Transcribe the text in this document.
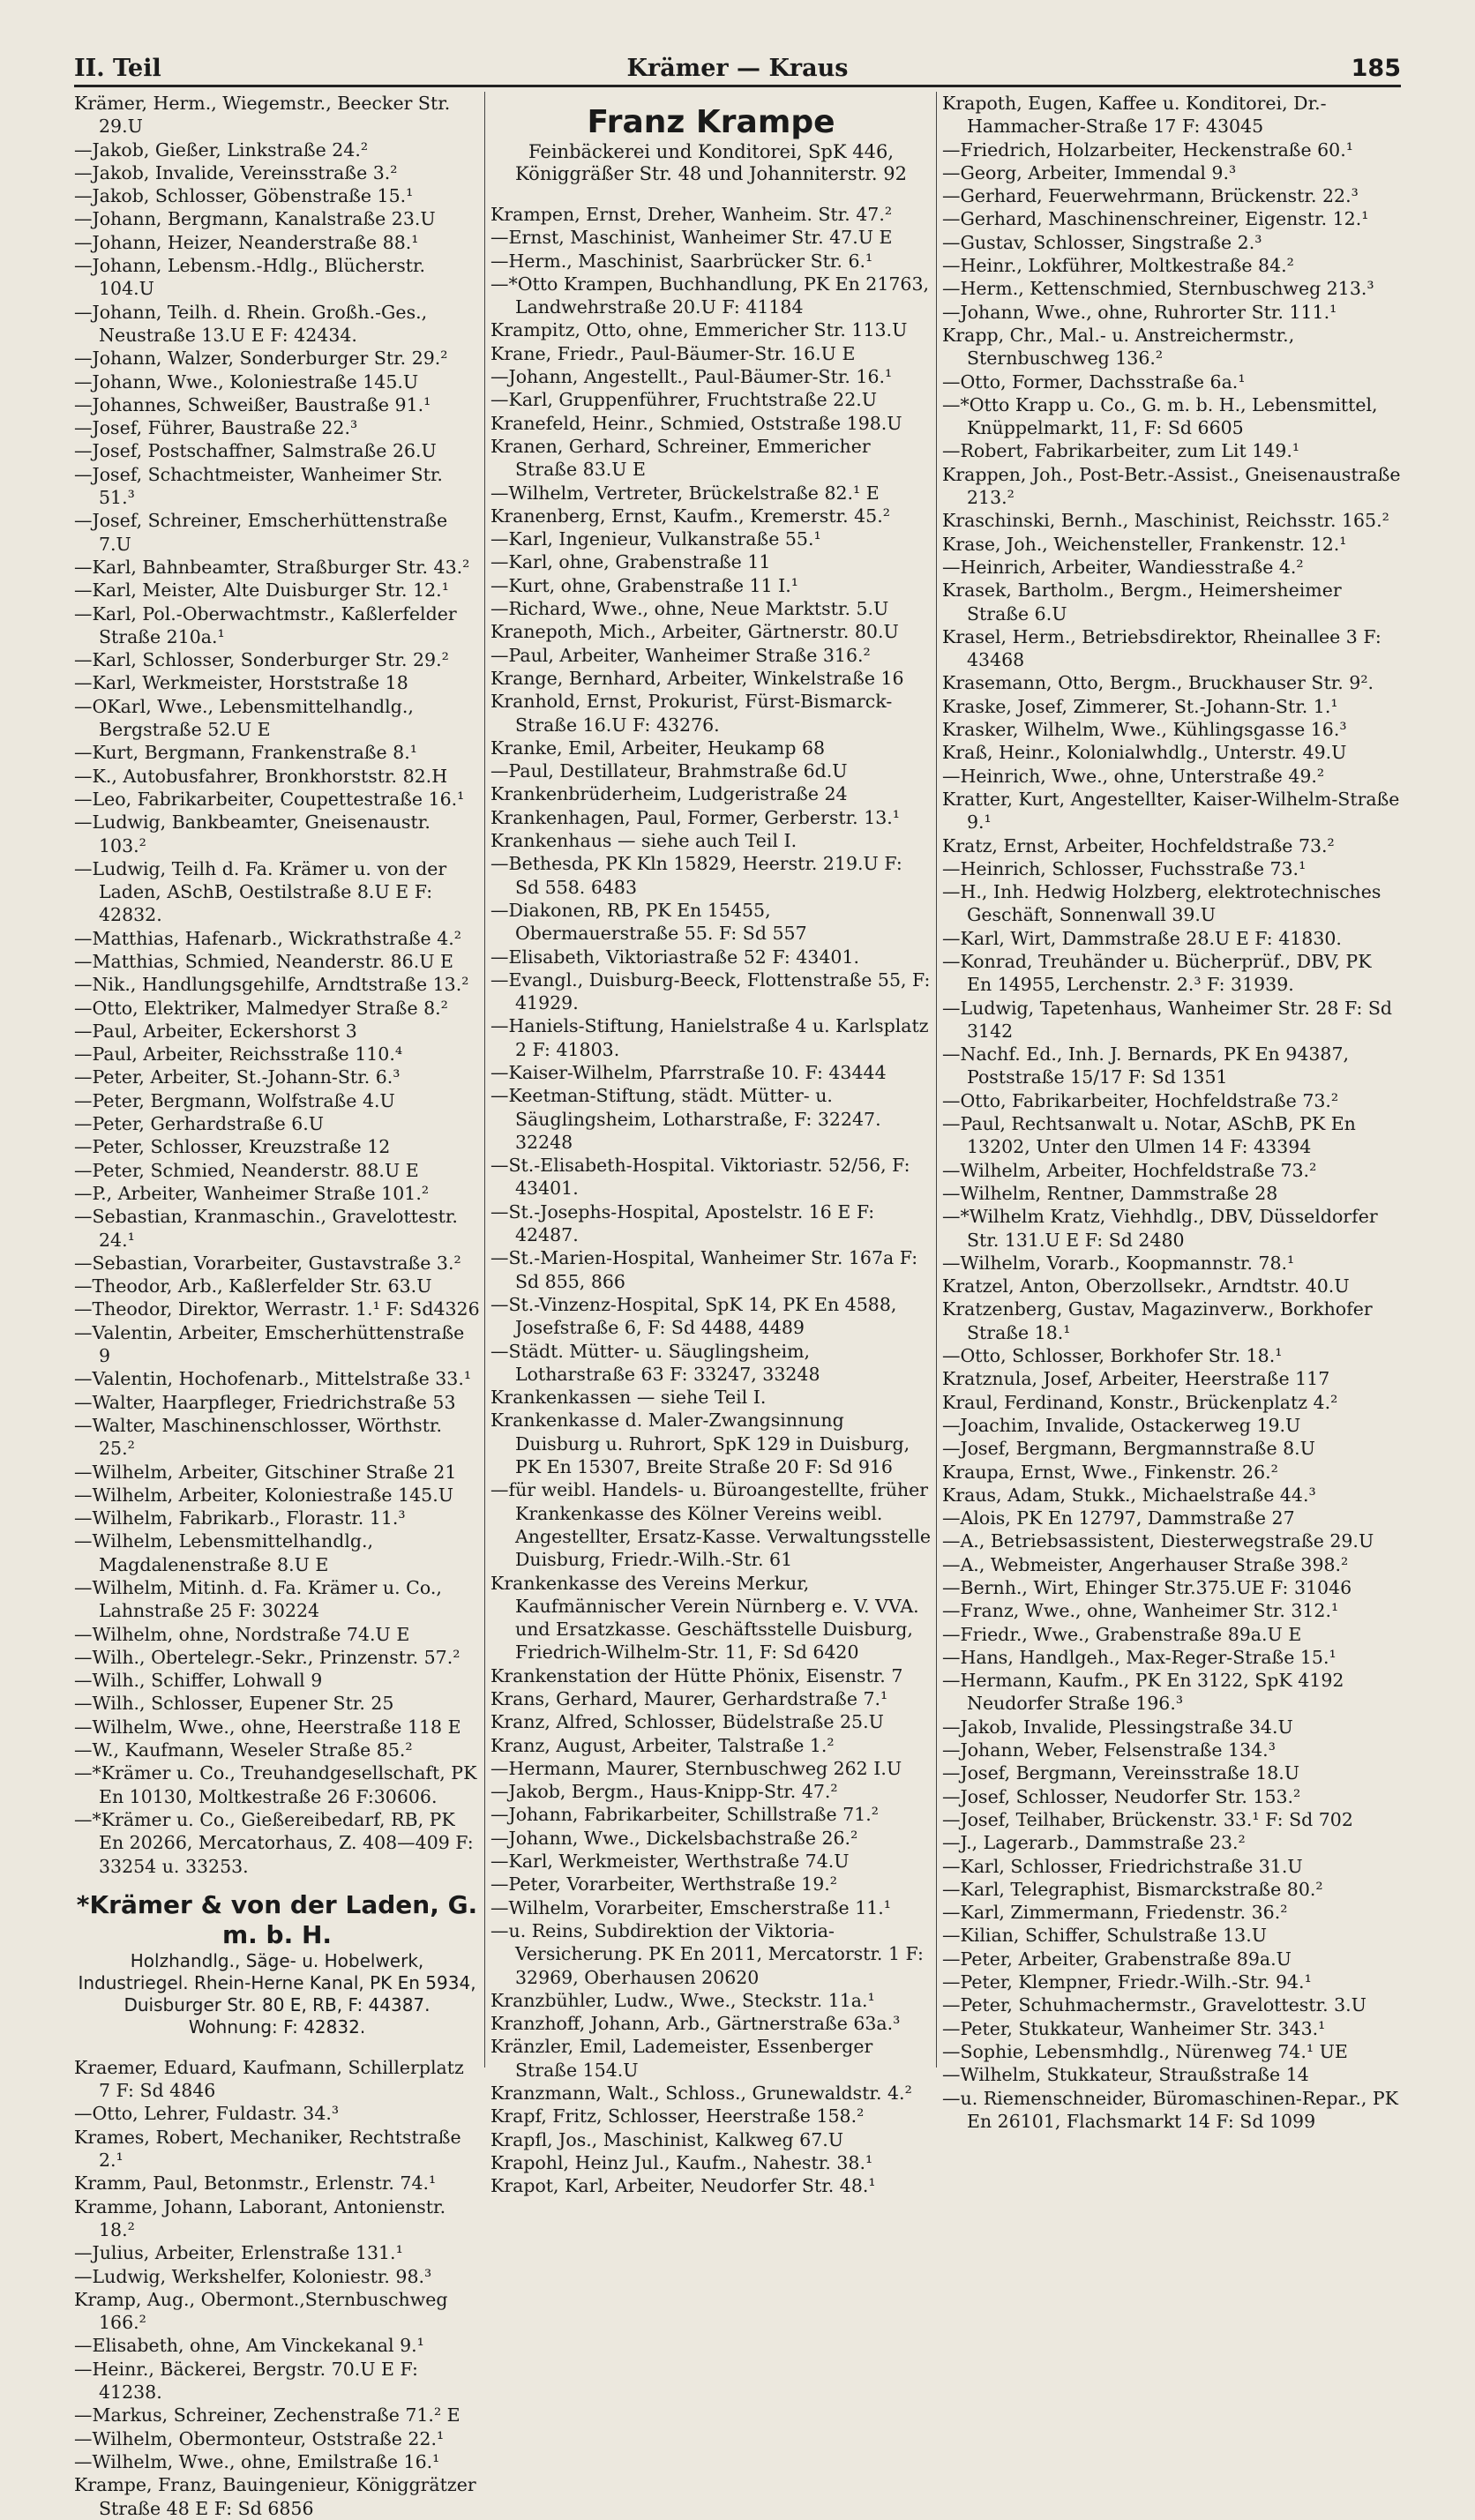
II. Teil	Krämer — Kraus	185
Krämer, Herm., Wiegemstr., Beecker Str. 29.U
—Jakob, Gießer, Linkstraße 24.²
—Jakob, Invalide, Vereinsstraße 3.²
—Jakob, Schlosser, Göbenstraße 15.¹
—Johann, Bergmann, Kanalstraße 23.U
—Johann, Heizer, Neanderstraße 88.¹
—Johann, Lebensm.-Hdlg., Blücherstr. 104.U
—Johann, Teilh. d. Rhein. Großh.-Ges., Neustraße 13.U E F: 42434.
—Johann, Walzer, Sonderburger Str. 29.²
—Johann, Wwe., Koloniestraße 145.U
—Johannes, Schweißer, Baustraße 91.¹
—Josef, Führer, Baustraße 22.³
—Josef, Postschaffner, Salmstraße 26.U
—Josef, Schachtmeister, Wanheimer Str. 51.³
—Josef, Schreiner, Emscherhüttenstraße 7.U
—Karl, Bahnbeamter, Straßburger Str. 43.²
—Karl, Meister, Alte Duisburger Str. 12.¹
—Karl, Pol.-Oberwachtmstr., Kaßlerfelder Straße 210a.¹
—Karl, Schlosser, Sonderburger Str. 29.²
—Karl, Werkmeister, Horststraße 18
—OKarl, Wwe., Lebensmittelhandlg., Bergstraße 52.U E
—Kurt, Bergmann, Frankenstraße 8.¹
—K., Autobusfahrer, Bronkhorststr. 82.H
—Leo, Fabrikarbeiter, Coupettestraße 16.¹
—Ludwig, Bankbeamter, Gneisenaustr. 103.²
—Ludwig, Teilh d. Fa. Krämer u. von der Laden, ASchB, Oestilstraße 8.U E F: 42832.
—Matthias, Hafenarb., Wickrathstraße 4.²
—Matthias, Schmied, Neanderstr. 86.U E
—Nik., Handlungsgehilfe, Arndtstraße 13.²
—Otto, Elektriker, Malmedyer Straße 8.²
—Paul, Arbeiter, Eckershorst 3
—Paul, Arbeiter, Reichsstraße 110.⁴
—Peter, Arbeiter, St.-Johann-Str. 6.³
—Peter, Bergmann, Wolfstraße 4.U
—Peter, Gerhardstraße 6.U
—Peter, Schlosser, Kreuzstraße 12
—Peter, Schmied, Neanderstr. 88.U E
—P., Arbeiter, Wanheimer Straße 101.²
—Sebastian, Kranmaschin., Gravelottestr. 24.¹
—Sebastian, Vorarbeiter, Gustavstraße 3.²
—Theodor, Arb., Kaßlerfelder Str. 63.U
—Theodor, Direktor, Werrastr. 1.¹ F: Sd4326
—Valentin, Arbeiter, Emscherhüttenstraße 9
—Valentin, Hochofenarb., Mittelstraße 33.¹
—Walter, Haarpfleger, Friedrichstraße 53
—Walter, Maschinenschlosser, Wörthstr. 25.²
—Wilhelm, Arbeiter, Gitschiner Straße 21
—Wilhelm, Arbeiter, Koloniestraße 145.U
—Wilhelm, Fabrikarb., Florastr. 11.³
—Wilhelm, Lebensmittelhandlg., Magdalenenstraße 8.U E
—Wilhelm, Mitinh. d. Fa. Krämer u. Co., Lahnstraße 25 F: 30224
—Wilhelm, ohne, Nordstraße 74.U E
—Wilh., Obertelegr.-Sekr., Prinzenstr. 57.²
—Wilh., Schiffer, Lohwall 9
—Wilh., Schlosser, Eupener Str. 25
—Wilhelm, Wwe., ohne, Heerstraße 118 E
—W., Kaufmann, Weseler Straße 85.²
—*Krämer u. Co., Treuhandgesellschaft, PK En 10130, Moltkestraße 26 F:30606.
—*Krämer u. Co., Gießereibedarf, RB, PK En 20266, Mercatorhaus, Z. 408—409 F: 33254 u. 33253.
*Krämer & von der Laden, G. m. b. H.
Holzhandlg., Säge- u. Hobelwerk, Industriegel. Rhein-Herne Kanal, PK En 5934,
Duisburger Str. 80 E, RB, F: 44387.
Wohnung: F: 42832.
Kraemer, Eduard, Kaufmann, Schillerplatz 7 F: Sd 4846
—Otto, Lehrer, Fuldastr. 34.³
Krames, Robert, Mechaniker, Rechtstraße 2.¹
Kramm, Paul, Betonmstr., Erlenstr. 74.¹
Kramme, Johann, Laborant, Antonienstr. 18.²
—Julius, Arbeiter, Erlenstraße 131.¹
—Ludwig, Werkshelfer, Koloniestr. 98.³
Kramp, Aug., Obermont.,Sternbuschweg 166.²
—Elisabeth, ohne, Am Vinckekanal 9.¹
—Heinr., Bäckerei, Bergstr. 70.U E F: 41238.
—Markus, Schreiner, Zechenstraße 71.² E
—Wilhelm, Obermonteur, Oststraße 22.¹
—Wilhelm, Wwe., ohne, Emilstraße 16.¹
Krampe, Franz, Bauingenieur, Königgrätzer Straße 48 E F: Sd 6856
Franz Krampe
Feinbäckerei und Konditorei, SpK 446,
Königgräßer Str. 48 und Johanniterstr. 92
Krampen, Ernst, Dreher, Wanheim. Str. 47.²
—Ernst, Maschinist, Wanheimer Str. 47.U E
—Herm., Maschinist, Saarbrücker Str. 6.¹
—*Otto Krampen, Buchhandlung, PK En 21763, Landwehrstraße 20.U F: 41184
Krampitz, Otto, ohne, Emmericher Str. 113.U
Krane, Friedr., Paul-Bäumer-Str. 16.U E
—Johann, Angestellt., Paul-Bäumer-Str. 16.¹
—Karl, Gruppenführer, Fruchtstraße 22.U
Kranefeld, Heinr., Schmied, Oststraße 198.U
Kranen, Gerhard, Schreiner, Emmericher Straße 83.U E
—Wilhelm, Vertreter, Brückelstraße 82.¹ E
Kranenberg, Ernst, Kaufm., Kremerstr. 45.²
—Karl, Ingenieur, Vulkanstraße 55.¹
—Karl, ohne, Grabenstraße 11
—Kurt, ohne, Grabenstraße 11 I.¹
—Richard, Wwe., ohne, Neue Marktstr. 5.U
Kranepoth, Mich., Arbeiter, Gärtnerstr. 80.U
—Paul, Arbeiter, Wanheimer Straße 316.²
Krange, Bernhard, Arbeiter, Winkelstraße 16
Kranhold, Ernst, Prokurist, Fürst-Bismarck-Straße 16.U F: 43276.
Kranke, Emil, Arbeiter, Heukamp 68
—Paul, Destillateur, Brahmstraße 6d.U
Krankenbrüderheim, Ludgeristraße 24
Krankenhagen, Paul, Former, Gerberstr. 13.¹
Krankenhaus — siehe auch Teil I.
—Bethesda, PK Kln 15829, Heerstr. 219.U F: Sd 558. 6483
—Diakonen, RB, PK En 15455, Obermauerstraße 55. F: Sd 557
—Elisabeth, Viktoriastraße 52 F: 43401.
—Evangl., Duisburg-Beeck, Flottenstraße 55, F: 41929.
—Haniels-Stiftung, Hanielstraße 4 u. Karlsplatz 2 F: 41803.
—Kaiser-Wilhelm, Pfarrstraße 10. F: 43444
—Keetman-Stiftung, städt. Mütter- u. Säuglingsheim, Lotharstraße, F: 32247. 32248
—St.-Elisabeth-Hospital. Viktoriastr. 52/56, F: 43401.
—St.-Josephs-Hospital, Apostelstr. 16 E F: 42487.
—St.-Marien-Hospital, Wanheimer Str. 167a F: Sd 855, 866
—St.-Vinzenz-Hospital, SpK 14, PK En 4588, Josefstraße 6, F: Sd 4488, 4489
—Städt. Mütter- u. Säuglingsheim, Lotharstraße 63 F: 33247, 33248
Krankenkassen — siehe Teil I.
Krankenkasse d. Maler-Zwangsinnung Duisburg u. Ruhrort, SpK 129 in Duisburg, PK En 15307, Breite Straße 20 F: Sd 916
—für weibl. Handels- u. Büroangestellte, früher Krankenkasse des Kölner Vereins weibl. Angestellter, Ersatz-Kasse. Verwaltungsstelle Duisburg, Friedr.-Wilh.-Str. 61
Krankenkasse des Vereins Merkur, Kaufmännischer Verein Nürnberg e. V. VVA. und Ersatzkasse. Geschäftsstelle Duisburg, Friedrich-Wilhelm-Str. 11, F: Sd 6420
Krankenstation der Hütte Phönix, Eisenstr. 7
Krans, Gerhard, Maurer, Gerhardstraße 7.¹
Kranz, Alfred, Schlosser, Büdelstraße 25.U
Kranz, August, Arbeiter, Talstraße 1.²
—Hermann, Maurer, Sternbuschweg 262 I.U
—Jakob, Bergm., Haus-Knipp-Str. 47.²
—Johann, Fabrikarbeiter, Schillstraße 71.²
—Johann, Wwe., Dickelsbachstraße 26.²
—Karl, Werkmeister, Werthstraße 74.U
—Peter, Vorarbeiter, Werthstraße 19.²
—Wilhelm, Vorarbeiter, Emscherstraße 11.¹
—u. Reins, Subdirektion der Viktoria-Versicherung. PK En 2011, Mercatorstr. 1 F: 32969, Oberhausen 20620
Kranzbühler, Ludw., Wwe., Steckstr. 11a.¹
Kranzhoff, Johann, Arb., Gärtnerstraße 63a.³
Kränzler, Emil, Lademeister, Essenberger Straße 154.U
Kranzmann, Walt., Schloss., Grunewaldstr. 4.²
Krapf, Fritz, Schlosser, Heerstraße 158.²
Krapfl, Jos., Maschinist, Kalkweg 67.U
Krapohl, Heinz Jul., Kaufm., Nahestr. 38.¹
Krapot, Karl, Arbeiter, Neudorfer Str. 48.¹
Krapoth, Eugen, Kaffee u. Konditorei, Dr.-Hammacher-Straße 17 F: 43045
—Friedrich, Holzarbeiter, Heckenstraße 60.¹
—Georg, Arbeiter, Immendal 9.³
—Gerhard, Feuerwehrmann, Brückenstr. 22.³
—Gerhard, Maschinenschreiner, Eigenstr. 12.¹
—Gustav, Schlosser, Singstraße 2.³
—Heinr., Lokführer, Moltkestraße 84.²
—Herm., Kettenschmied, Sternbuschweg 213.³
—Johann, Wwe., ohne, Ruhrorter Str. 111.¹
Krapp, Chr., Mal.- u. Anstreichermstr., Sternbuschweg 136.²
—Otto, Former, Dachsstraße 6a.¹
—*Otto Krapp u. Co., G. m. b. H., Lebensmittel, Knüppelmarkt, 11, F: Sd 6605
—Robert, Fabrikarbeiter, zum Lit 149.¹
Krappen, Joh., Post-Betr.-Assist., Gneisenaustraße 213.²
Kraschinski, Bernh., Maschinist, Reichsstr. 165.²
Krase, Joh., Weichensteller, Frankenstr. 12.¹
—Heinrich, Arbeiter, Wandiesstraße 4.²
Krasek, Bartholm., Bergm., Heimersheimer Straße 6.U
Krasel, Herm., Betriebsdirektor, Rheinallee 3 F: 43468
Krasemann, Otto, Bergm., Bruckhauser Str. 9².
Kraske, Josef, Zimmerer, St.-Johann-Str. 1.¹
Krasker, Wilhelm, Wwe., Kühlingsgasse 16.³
Kraß, Heinr., Kolonialwhdlg., Unterstr. 49.U
—Heinrich, Wwe., ohne, Unterstraße 49.²
Kratter, Kurt, Angestellter, Kaiser-Wilhelm-Straße 9.¹
Kratz, Ernst, Arbeiter, Hochfeldstraße 73.²
—Heinrich, Schlosser, Fuchsstraße 73.¹
—H., Inh. Hedwig Holzberg, elektrotechnisches Geschäft, Sonnenwall 39.U
—Karl, Wirt, Dammstraße 28.U E F: 41830.
—Konrad, Treuhänder u. Bücherprüf., DBV, PK En 14955, Lerchenstr. 2.³ F: 31939.
—Ludwig, Tapetenhaus, Wanheimer Str. 28 F: Sd 3142
—Nachf. Ed., Inh. J. Bernards, PK En 94387, Poststraße 15/17 F: Sd 1351
—Otto, Fabrikarbeiter, Hochfeldstraße 73.²
—Paul, Rechtsanwalt u. Notar, ASchB, PK En 13202, Unter den Ulmen 14 F: 43394
—Wilhelm, Arbeiter, Hochfeldstraße 73.²
—Wilhelm, Rentner, Dammstraße 28
—*Wilhelm Kratz, Viehhdlg., DBV, Düsseldorfer Str. 131.U E F: Sd 2480
—Wilhelm, Vorarb., Koopmannstr. 78.¹
Kratzel, Anton, Oberzollsekr., Arndtstr. 40.U
Kratzenberg, Gustav, Magazinverw., Borkhofer Straße 18.¹
—Otto, Schlosser, Borkhofer Str. 18.¹
Kratznula, Josef, Arbeiter, Heerstraße 117
Kraul, Ferdinand, Konstr., Brückenplatz 4.²
—Joachim, Invalide, Ostackerweg 19.U
—Josef, Bergmann, Bergmannstraße 8.U
Kraupa, Ernst, Wwe., Finkenstr. 26.²
Kraus, Adam, Stukk., Michaelstraße 44.³
—Alois, PK En 12797, Dammstraße 27
—A., Betriebsassistent, Diesterwegstraße 29.U
—A., Webmeister, Angerhauser Straße 398.²
—Bernh., Wirt, Ehinger Str.375.UE F: 31046
—Franz, Wwe., ohne, Wanheimer Str. 312.¹
—Friedr., Wwe., Grabenstraße 89a.U E
—Hans, Handlgeh., Max-Reger-Straße 15.¹
—Hermann, Kaufm., PK En 3122, SpK 4192 Neudorfer Straße 196.³
—Jakob, Invalide, Plessingstraße 34.U
—Johann, Weber, Felsenstraße 134.³
—Josef, Bergmann, Vereinsstraße 18.U
—Josef, Schlosser, Neudorfer Str. 153.²
—Josef, Teilhaber, Brückenstr. 33.¹ F: Sd 702
—J., Lagerarb., Dammstraße 23.²
—Karl, Schlosser, Friedrichstraße 31.U
—Karl, Telegraphist, Bismarckstraße 80.²
—Karl, Zimmermann, Friedenstr. 36.²
—Kilian, Schiffer, Schulstraße 13.U
—Peter, Arbeiter, Grabenstraße 89a.U
—Peter, Klempner, Friedr.-Wilh.-Str. 94.¹
—Peter, Schuhmachermstr., Gravelottestr. 3.U
—Peter, Stukkateur, Wanheimer Str. 343.¹
—Sophie, Lebensmhdlg., Nürenweg 74.¹ UE
—Wilhelm, Stukkateur, Straußstraße 14
—u. Riemenschneider, Büromaschinen-Repar., PK En 26101, Flachsmarkt 14 F: Sd 1099
